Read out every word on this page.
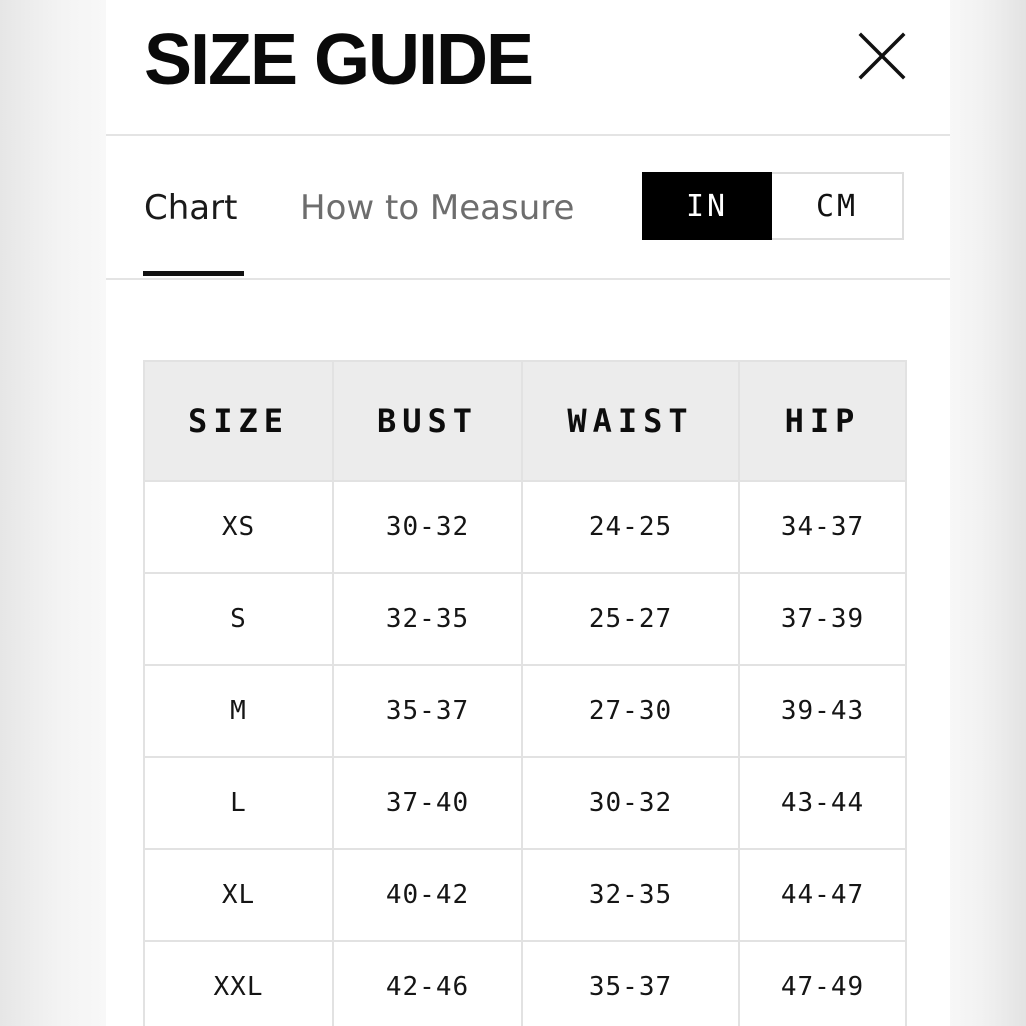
SIZE GUIDE
Chart How to Measure	IN	CM
SIZE	BUST	WAIST	HIP
XS	30-32	24-25	34-37
S	32-35	25-27	37-39
M	35-37	27-30	39-43
L	37-40	30-32	43-44
XL	40-42	32-35	44-47
XXL	42-46	35-37	47-49
